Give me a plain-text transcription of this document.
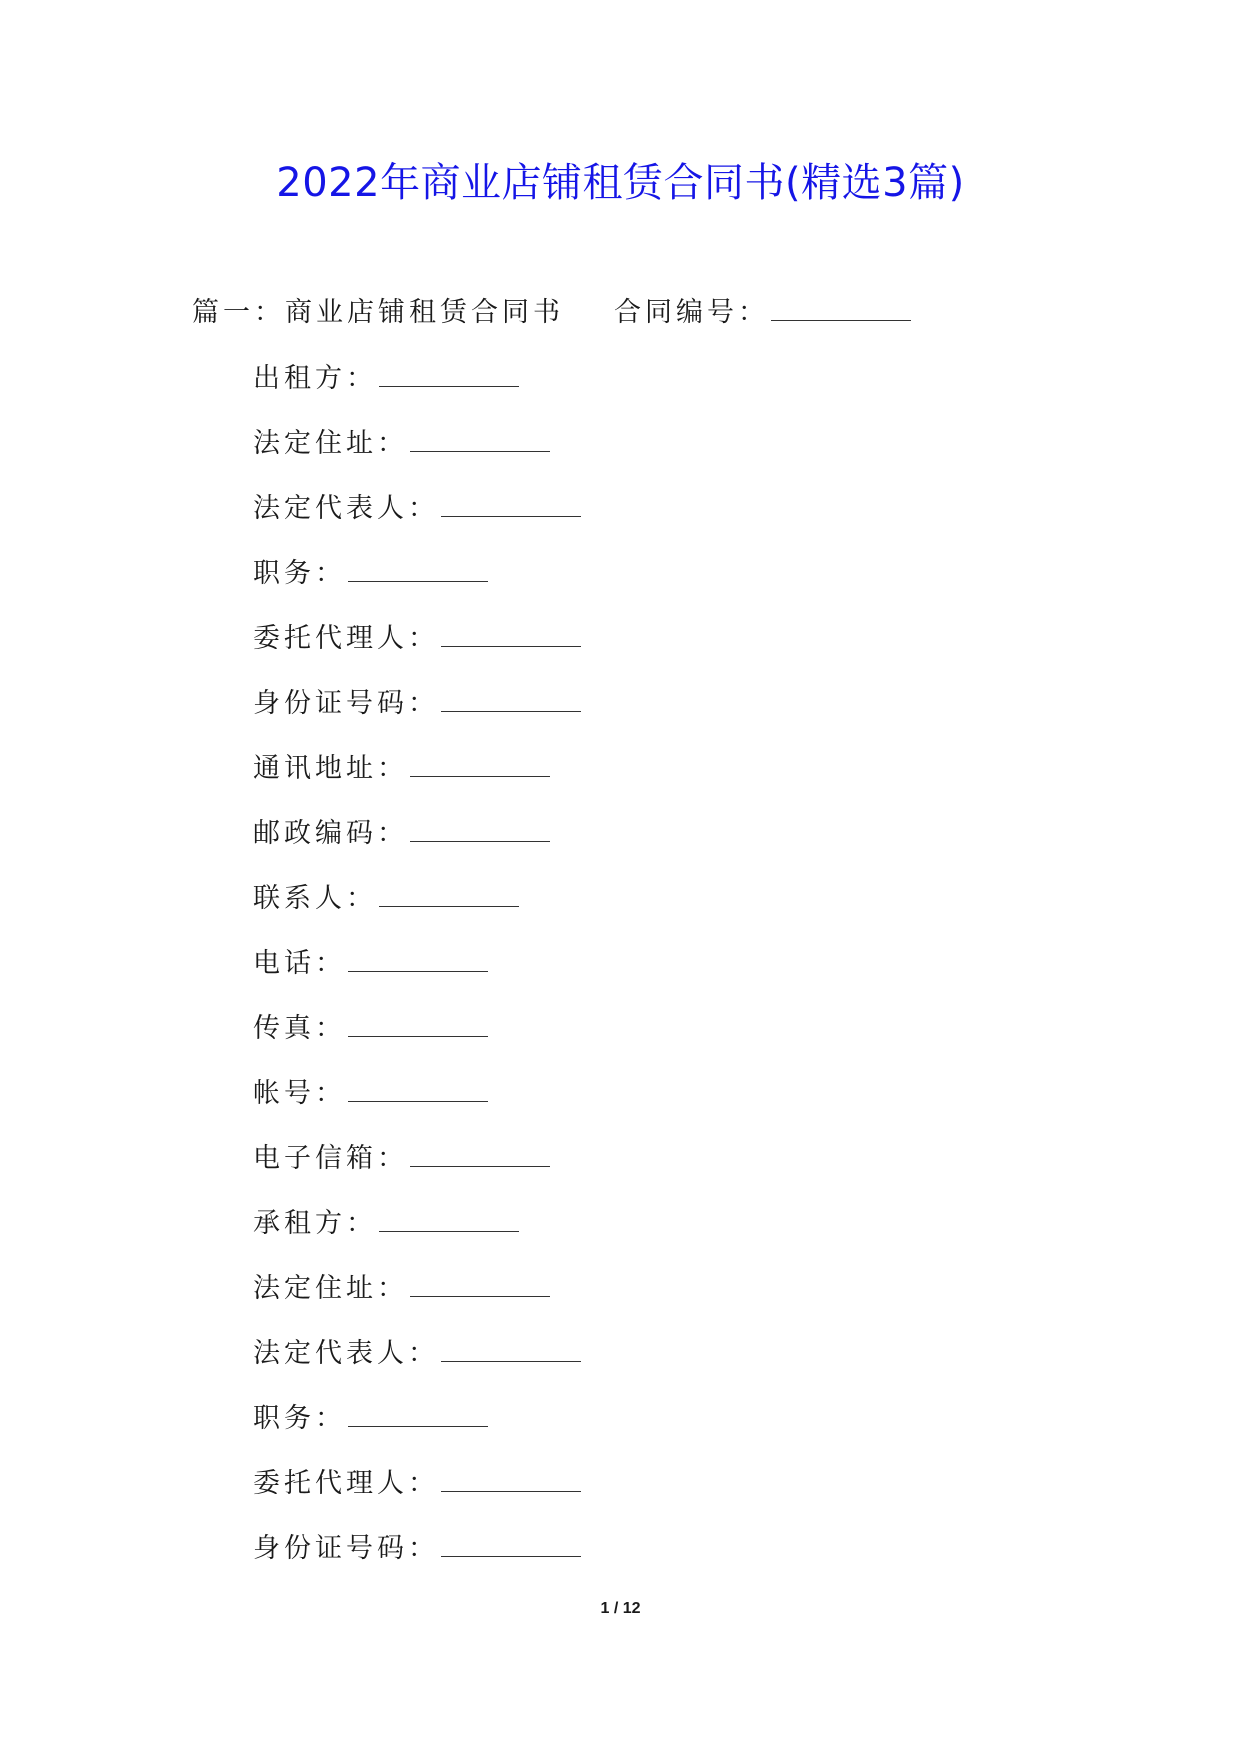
2022年商业店铺租赁合同书(精选3篇)
篇一：商业店铺租赁合同书 合同编号：
出租方：
法定住址：
法定代表人：
职务：
委托代理人：
身份证号码：
通讯地址：
邮政编码：
联系人：
电话：
传真：
帐号：
电子信箱：
承租方：
法定住址：
法定代表人：
职务：
委托代理人：
身份证号码：
1 / 12
